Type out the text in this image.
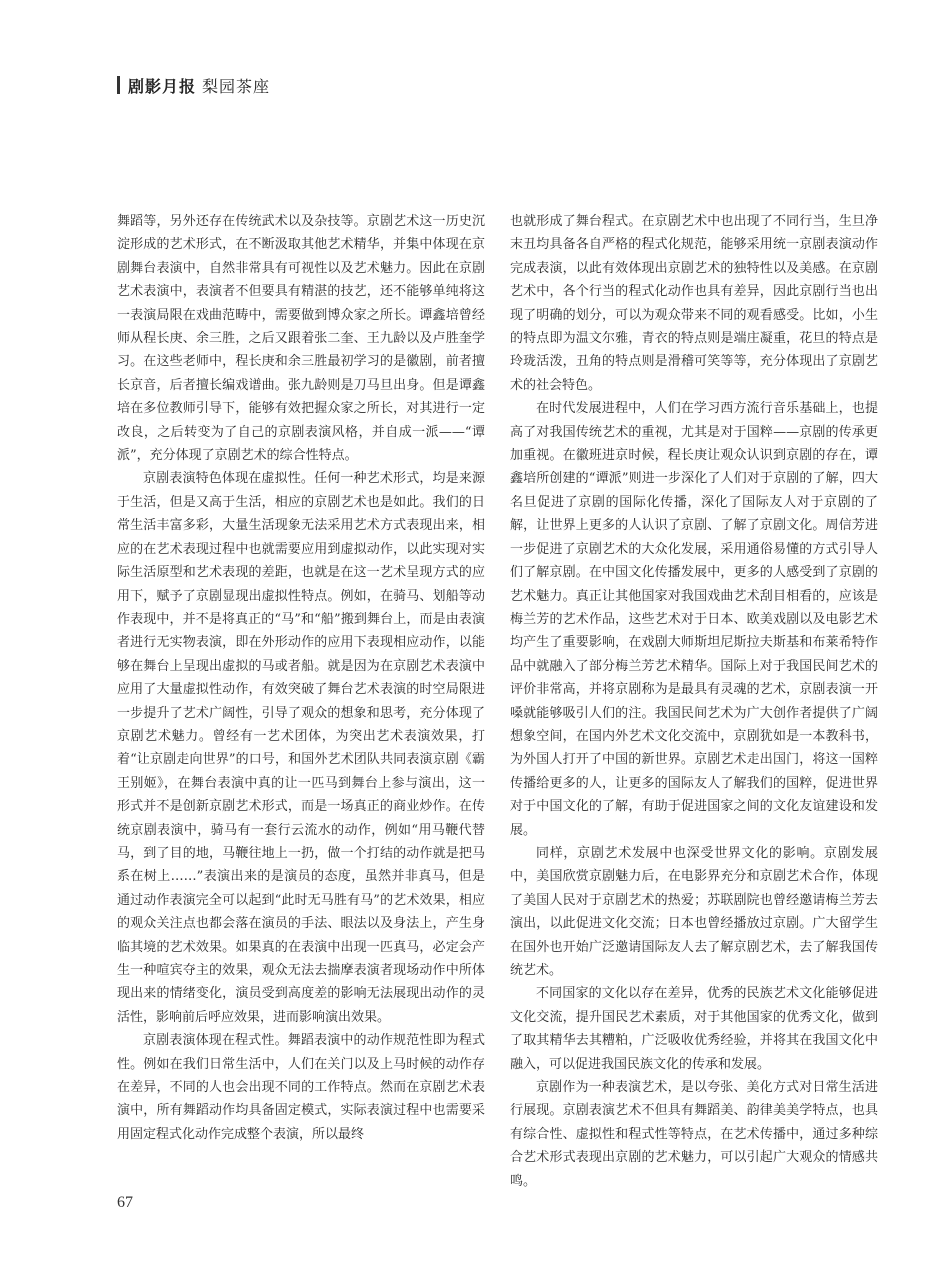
剧影月报 梨园茶座

舞蹈等，另外还存在传统武术以及杂技等。京剧艺术这一历史沉淀形成的艺术形式，在不断汲取其他艺术精华，并集中体现在京剧舞台表演中，自然非常具有可视性以及艺术魅力。因此在京剧艺术表演中，表演者不但要具有精湛的技艺，还不能够单纯将这一表演局限在戏曲范畴中，需要做到博众家之所长。谭鑫培曾经师从程长庚、余三胜，之后又跟着张二奎、王九龄以及卢胜奎学习。在这些老师中，程长庚和余三胜最初学习的是徽剧，前者擅长京音，后者擅长编戏谱曲。张九龄则是刀马旦出身。但是谭鑫培在多位教师引导下，能够有效把握众家之所长，对其进行一定改良，之后转变为了自己的京剧表演风格，并自成一派——“谭派”，充分体现了京剧艺术的综合性特点。

京剧表演特色体现在虚拟性。任何一种艺术形式，均是来源于生活，但是又高于生活，相应的京剧艺术也是如此。我们的日常生活丰富多彩，大量生活现象无法采用艺术方式表现出来，相应的在艺术表现过程中也就需要应用到虚拟动作，以此实现对实际生活原型和艺术表现的差距，也就是在这一艺术呈现方式的应用下，赋予了京剧显现出虚拟性特点。例如，在骑马、划船等动作表现中，并不是将真正的“马”和“船”搬到舞台上，而是由表演者进行无实物表演，即在外形动作的应用下表现相应动作，以能够在舞台上呈现出虚拟的马或者船。就是因为在京剧艺术表演中应用了大量虚拟性动作，有效突破了舞台艺术表演的时空局限进一步提升了艺术广阔性，引导了观众的想象和思考，充分体现了京剧艺术魅力。曾经有一艺术团体，为突出艺术表演效果，打着“让京剧走向世界”的口号，和国外艺术团队共同表演京剧《霸王别姬》，在舞台表演中真的让一匹马到舞台上参与演出，这一形式并不是创新京剧艺术形式，而是一场真正的商业炒作。在传统京剧表演中，骑马有一套行云流水的动作，例如“用马鞭代替马，到了目的地，马鞭往地上一扔，做一个打结的动作就是把马系在树上……”表演出来的是演员的态度，虽然并非真马，但是通过动作表演完全可以起到“此时无马胜有马”的艺术效果，相应的观众关注点也都会落在演员的手法、眼法以及身法上，产生身临其境的艺术效果。如果真的在表演中出现一匹真马，必定会产生一种喧宾夺主的效果，观众无法去揣摩表演者现场动作中所体现出来的情绪变化，演员受到高度差的影响无法展现出动作的灵活性，影响前后呼应效果，进而影响演出效果。

京剧表演体现在程式性。舞蹈表演中的动作规范性即为程式性。例如在我们日常生活中，人们在关门以及上马时候的动作存在差异，不同的人也会出现不同的工作特点。然而在京剧艺术表演中，所有舞蹈动作均具备固定模式，实际表演过程中也需要采用固定程式化动作完成整个表演，所以最终

也就形成了舞台程式。在京剧艺术中也出现了不同行当，生旦净末丑均具备各自严格的程式化规范，能够采用统一京剧表演动作完成表演，以此有效体现出京剧艺术的独特性以及美感。在京剧艺术中，各个行当的程式化动作也具有差异，因此京剧行当也出现了明确的划分，可以为观众带来不同的观看感受。比如，小生的特点即为温文尔雅，青衣的特点则是端庄凝重，花旦的特点是玲珑活泼，丑角的特点则是滑稽可笑等等，充分体现出了京剧艺术的社会特色。

在时代发展进程中，人们在学习西方流行音乐基础上，也提高了对我国传统艺术的重视，尤其是对于国粹——京剧的传承更加重视。在徽班进京时候，程长庚让观众认识到京剧的存在，谭鑫培所创建的“谭派”则进一步深化了人们对于京剧的了解，四大名旦促进了京剧的国际化传播，深化了国际友人对于京剧的了解，让世界上更多的人认识了京剧、了解了京剧文化。周信芳进一步促进了京剧艺术的大众化发展，采用通俗易懂的方式引导人们了解京剧。在中国文化传播发展中，更多的人感受到了京剧的艺术魅力。真正让其他国家对我国戏曲艺术刮目相看的，应该是梅兰芳的艺术作品，这些艺术对于日本、欧美戏剧以及电影艺术均产生了重要影响，在戏剧大师斯坦尼斯拉夫斯基和布莱希特作品中就融入了部分梅兰芳艺术精华。国际上对于我国民间艺术的评价非常高，并将京剧称为是最具有灵魂的艺术，京剧表演一开嗓就能够吸引人们的注。我国民间艺术为广大创作者提供了广阔想象空间，在国内外艺术文化交流中，京剧犹如是一本教科书，为外国人打开了中国的新世界。京剧艺术走出国门，将这一国粹传播给更多的人，让更多的国际友人了解我们的国粹，促进世界对于中国文化的了解，有助于促进国家之间的文化友谊建设和发展。

同样，京剧艺术发展中也深受世界文化的影响。京剧发展中，美国欣赏京剧魅力后，在电影界充分和京剧艺术合作，体现了美国人民对于京剧艺术的热爱；苏联剧院也曾经邀请梅兰芳去演出，以此促进文化交流；日本也曾经播放过京剧。广大留学生在国外也开始广泛邀请国际友人去了解京剧艺术，去了解我国传统艺术。

不同国家的文化以存在差异，优秀的民族艺术文化能够促进文化交流，提升国民艺术素质，对于其他国家的优秀文化，做到了取其精华去其糟粕，广泛吸收优秀经验，并将其在我国文化中融入，可以促进我国民族文化的传承和发展。

京剧作为一种表演艺术，是以夸张、美化方式对日常生活进行展现。京剧表演艺术不但具有舞蹈美、韵律美美学特点，也具有综合性、虚拟性和程式性等特点，在艺术传播中，通过多种综合艺术形式表现出京剧的艺术魅力，可以引起广大观众的情感共鸣。

67
